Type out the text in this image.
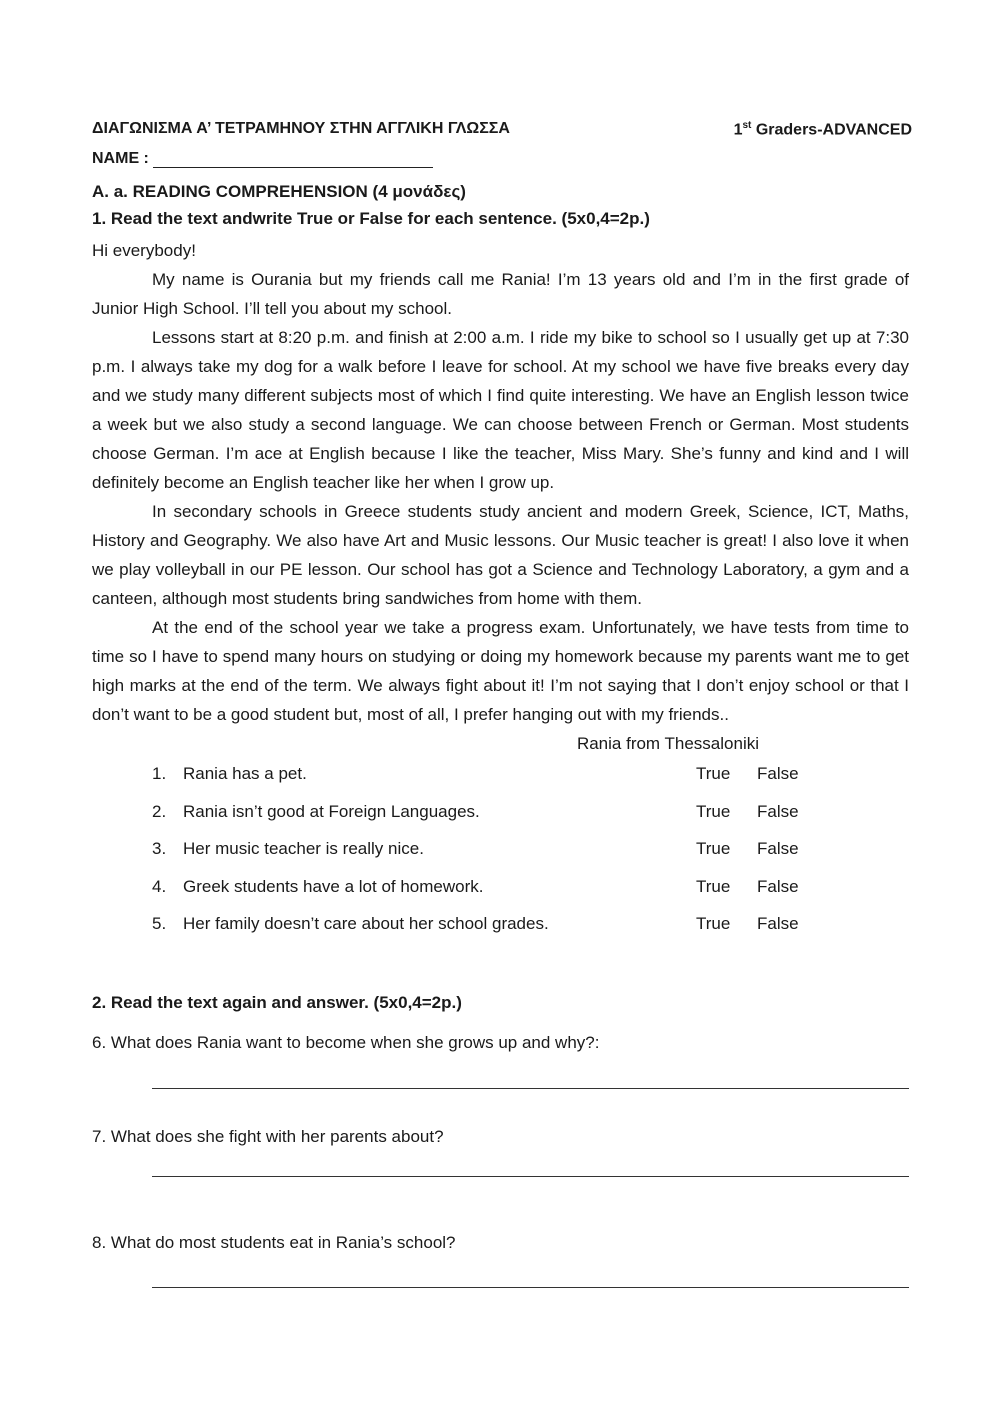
ΔΙΑΓΩΝΙΣΜΑ Α’ ΤΕΤΡΑΜΗΝΟΥ ΣΤΗΝ ΑΓΓΛΙΚΗ ΓΛΩΣΣΑ	1st Graders-ADVANCED
NAME :
A. a. READING COMPREHENSION (4 μονάδες)
1. Read the text andwrite True or False for each sentence. (5x0,4=2p.)

Hi everybody!

My name is Ourania but my friends call me Rania! I’m 13 years old and I’m in the first grade of Junior High School. I’ll tell you about my school.

Lessons start at 8:20 p.m. and finish at 2:00 a.m. I ride my bike to school so I usually get up at 7:30 p.m. I always take my dog for a walk before I leave for school. At my school we have five breaks every day and we study many different subjects most of which I find quite interesting. We have an English lesson twice a week but we also study a second language. We can choose between French or German. Most students choose German. I’m ace at English because I like the teacher, Miss Mary. She’s funny and kind and I will definitely become an English teacher like her when I grow up.

In secondary schools in Greece students study ancient and modern Greek, Science, ICT, Maths, History and Geography. We also have Art and Music lessons. Our Music teacher is great! I also love it when we play volleyball in our PE lesson. Our school has got a Science and Technology Laboratory, a gym and a canteen, although most students bring sandwiches from home with them.

At the end of the school year we take a progress exam. Unfortunately, we have tests from time to time so I have to spend many hours on studying or doing my homework because my parents want me to get high marks at the end of the term. We always fight about it! I’m not saying that I don’t enjoy school or that I don’t want to be a good student but, most of all, I prefer hanging out with my friends..

Rania from Thessaloniki

1. Rania has a pet.	True False
2. Rania isn’t good at Foreign Languages.	True False
3. Her music teacher is really nice.	True False
4. Greek students have a lot of homework.	True False
5. Her family doesn’t care about her school grades.	True False
2. Read the text again and answer. (5x0,4=2p.)
6. What does Rania want to become when she grows up and why?:
7. What does she fight with her parents about?
8. What do most students eat in Rania’s school?
